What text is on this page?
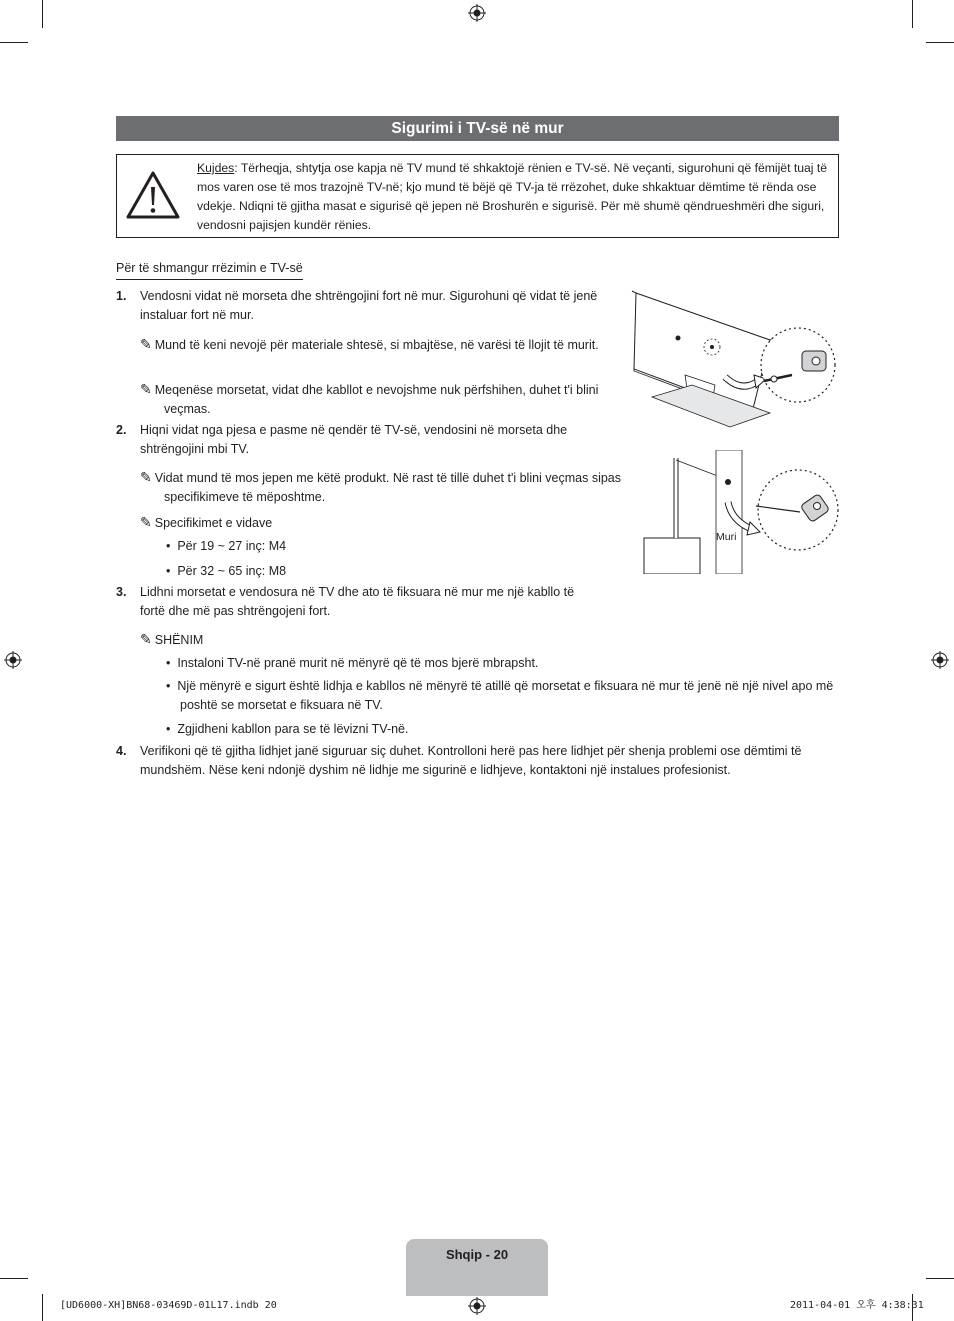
Sigurimi i TV-së në mur
Kujdes: Tërheqja, shtytja ose kapja në TV mund të shkaktojë rënien e TV-së. Në veçanti, sigurohuni që fëmijët tuaj të mos varen ose të mos trazojnë TV-në; kjo mund të bëjë që TV-ja të rrëzohet, duke shkaktuar dëmtime të rënda ose vdekje. Ndiqni të gjitha masat e sigurisë që jepen në Broshurën e sigurisë. Për më shumë qëndrueshmëri dhe siguri, vendosni pajisjen kundër rënies.
Për të shmangur rrëzimin e TV-së
1.	Vendosni vidat në morseta dhe shtrëngojini fort në mur. Sigurohuni që vidat të jenë instaluar fort në mur.
✎ Mund të keni nevojë për materiale shtesë, si mbajtëse, në varësi të llojit të murit.
✎ Meqenëse morsetat, vidat dhe kabllot e nevojshme nuk përfshihen, duhet t'i blini veçmas.
2.	Hiqni vidat nga pjesa e pasme në qendër të TV-së, vendosini në morseta dhe shtrëngojini mbi TV.
✎ Vidat mund të mos jepen me këtë produkt. Në rast të tillë duhet t'i blini veçmas sipas specifikimeve të mëposhtme.
✎ Specifikimet e vidave
•  Për 19 ~ 27 inç: M4
•  Për 32 ~ 65 inç: M8
3.	Lidhni morsetat e vendosura në TV dhe ato të fiksuara në mur me një kabllo të fortë dhe më pas shtrëngojeni fort.
✎ SHËNIM
•  Instaloni TV-në pranë murit në mënyrë që të mos bjerë mbrapsht.
•  Një mënyrë e sigurt është lidhja e kabllos në mënyrë të atillë që morsetat e fiksuara në mur të jenë në një nivel apo më poshtë se morsetat e fiksuara në TV.
•  Zgjidheni kabllon para se të lëvizni TV-në.
4.	Verifikoni që të gjitha lidhjet janë siguruar siç duhet. Kontrolloni herë pas here lidhjet për shenja problemi ose dëmtimi të mundshëm. Nëse keni ndonjë dyshim në lidhje me sigurinë e lidhjeve, kontaktoni një instalues profesionist.
Muri
Shqip - 20
[UD6000-XH]BN68-03469D-01L17.indb 20	2011-04-01 오후 4:38:31
